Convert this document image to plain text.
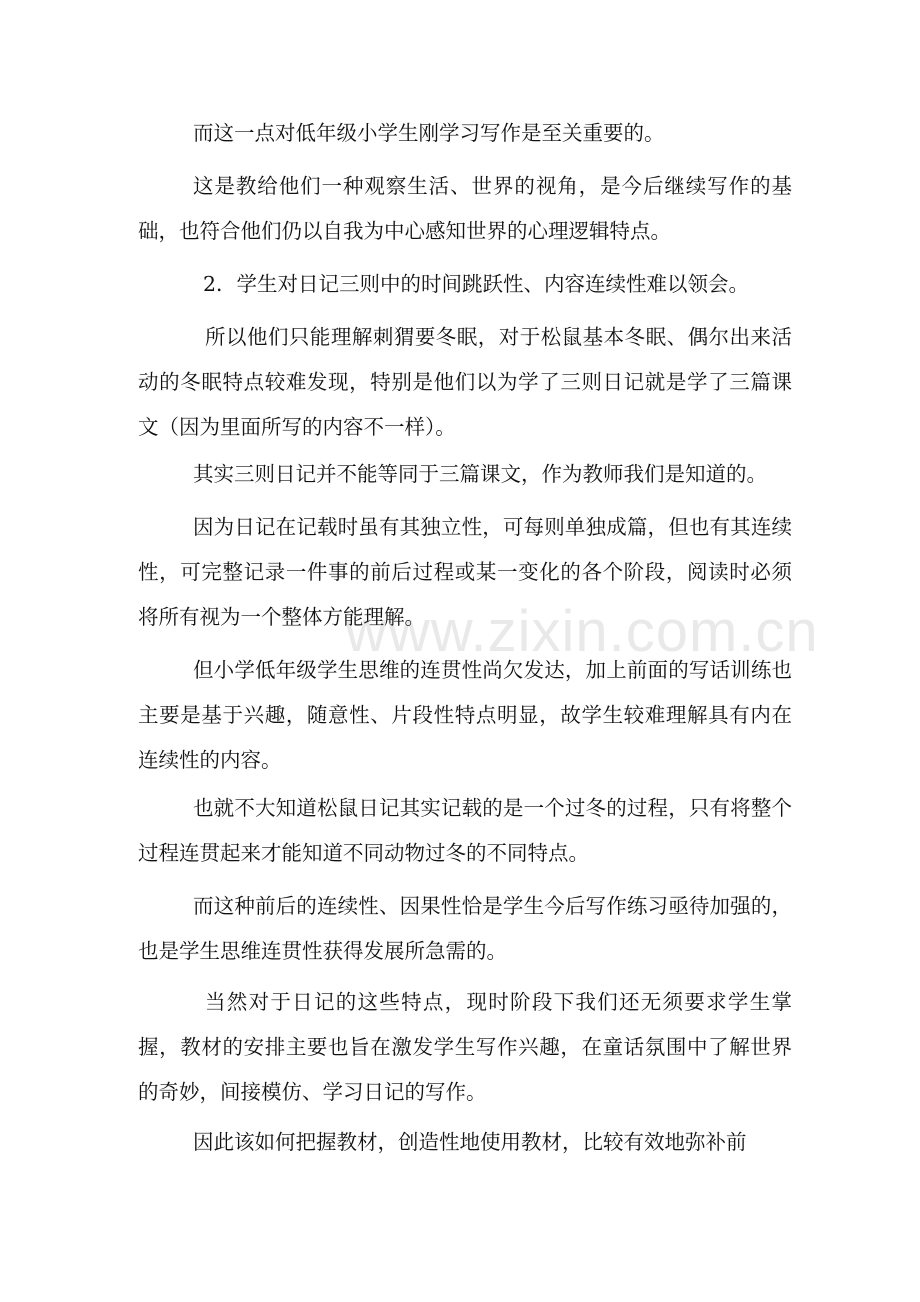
而这一点对低年级小学生刚学习写作是至关重要的。

这是教给他们一种观察生活、世界的视角，是今后继续写作的基础，也符合他们仍以自我为中心感知世界的心理逻辑特点。

2．学生对日记三则中的时间跳跃性、内容连续性难以领会。

所以他们只能理解刺猬要冬眠，对于松鼠基本冬眠、偶尔出来活动的冬眠特点较难发现，特别是他们以为学了三则日记就是学了三篇课文（因为里面所写的内容不一样）。

其实三则日记并不能等同于三篇课文，作为教师我们是知道的。

因为日记在记载时虽有其独立性，可每则单独成篇，但也有其连续性，可完整记录一件事的前后过程或某一变化的各个阶段，阅读时必须将所有视为一个整体方能理解。

但小学低年级学生思维的连贯性尚欠发达，加上前面的写话训练也主要是基于兴趣，随意性、片段性特点明显，故学生较难理解具有内在连续性的内容。

也就不大知道松鼠日记其实记载的是一个过冬的过程，只有将整个过程连贯起来才能知道不同动物过冬的不同特点。

而这种前后的连续性、因果性恰是学生今后写作练习亟待加强的，也是学生思维连贯性获得发展所急需的。

当然对于日记的这些特点，现时阶段下我们还无须要求学生掌握，教材的安排主要也旨在激发学生写作兴趣，在童话氛围中了解世界的奇妙，间接模仿、学习日记的写作。

因此该如何把握教材，创造性地使用教材，比较有效地弥补前

www.zixin.com.cn
